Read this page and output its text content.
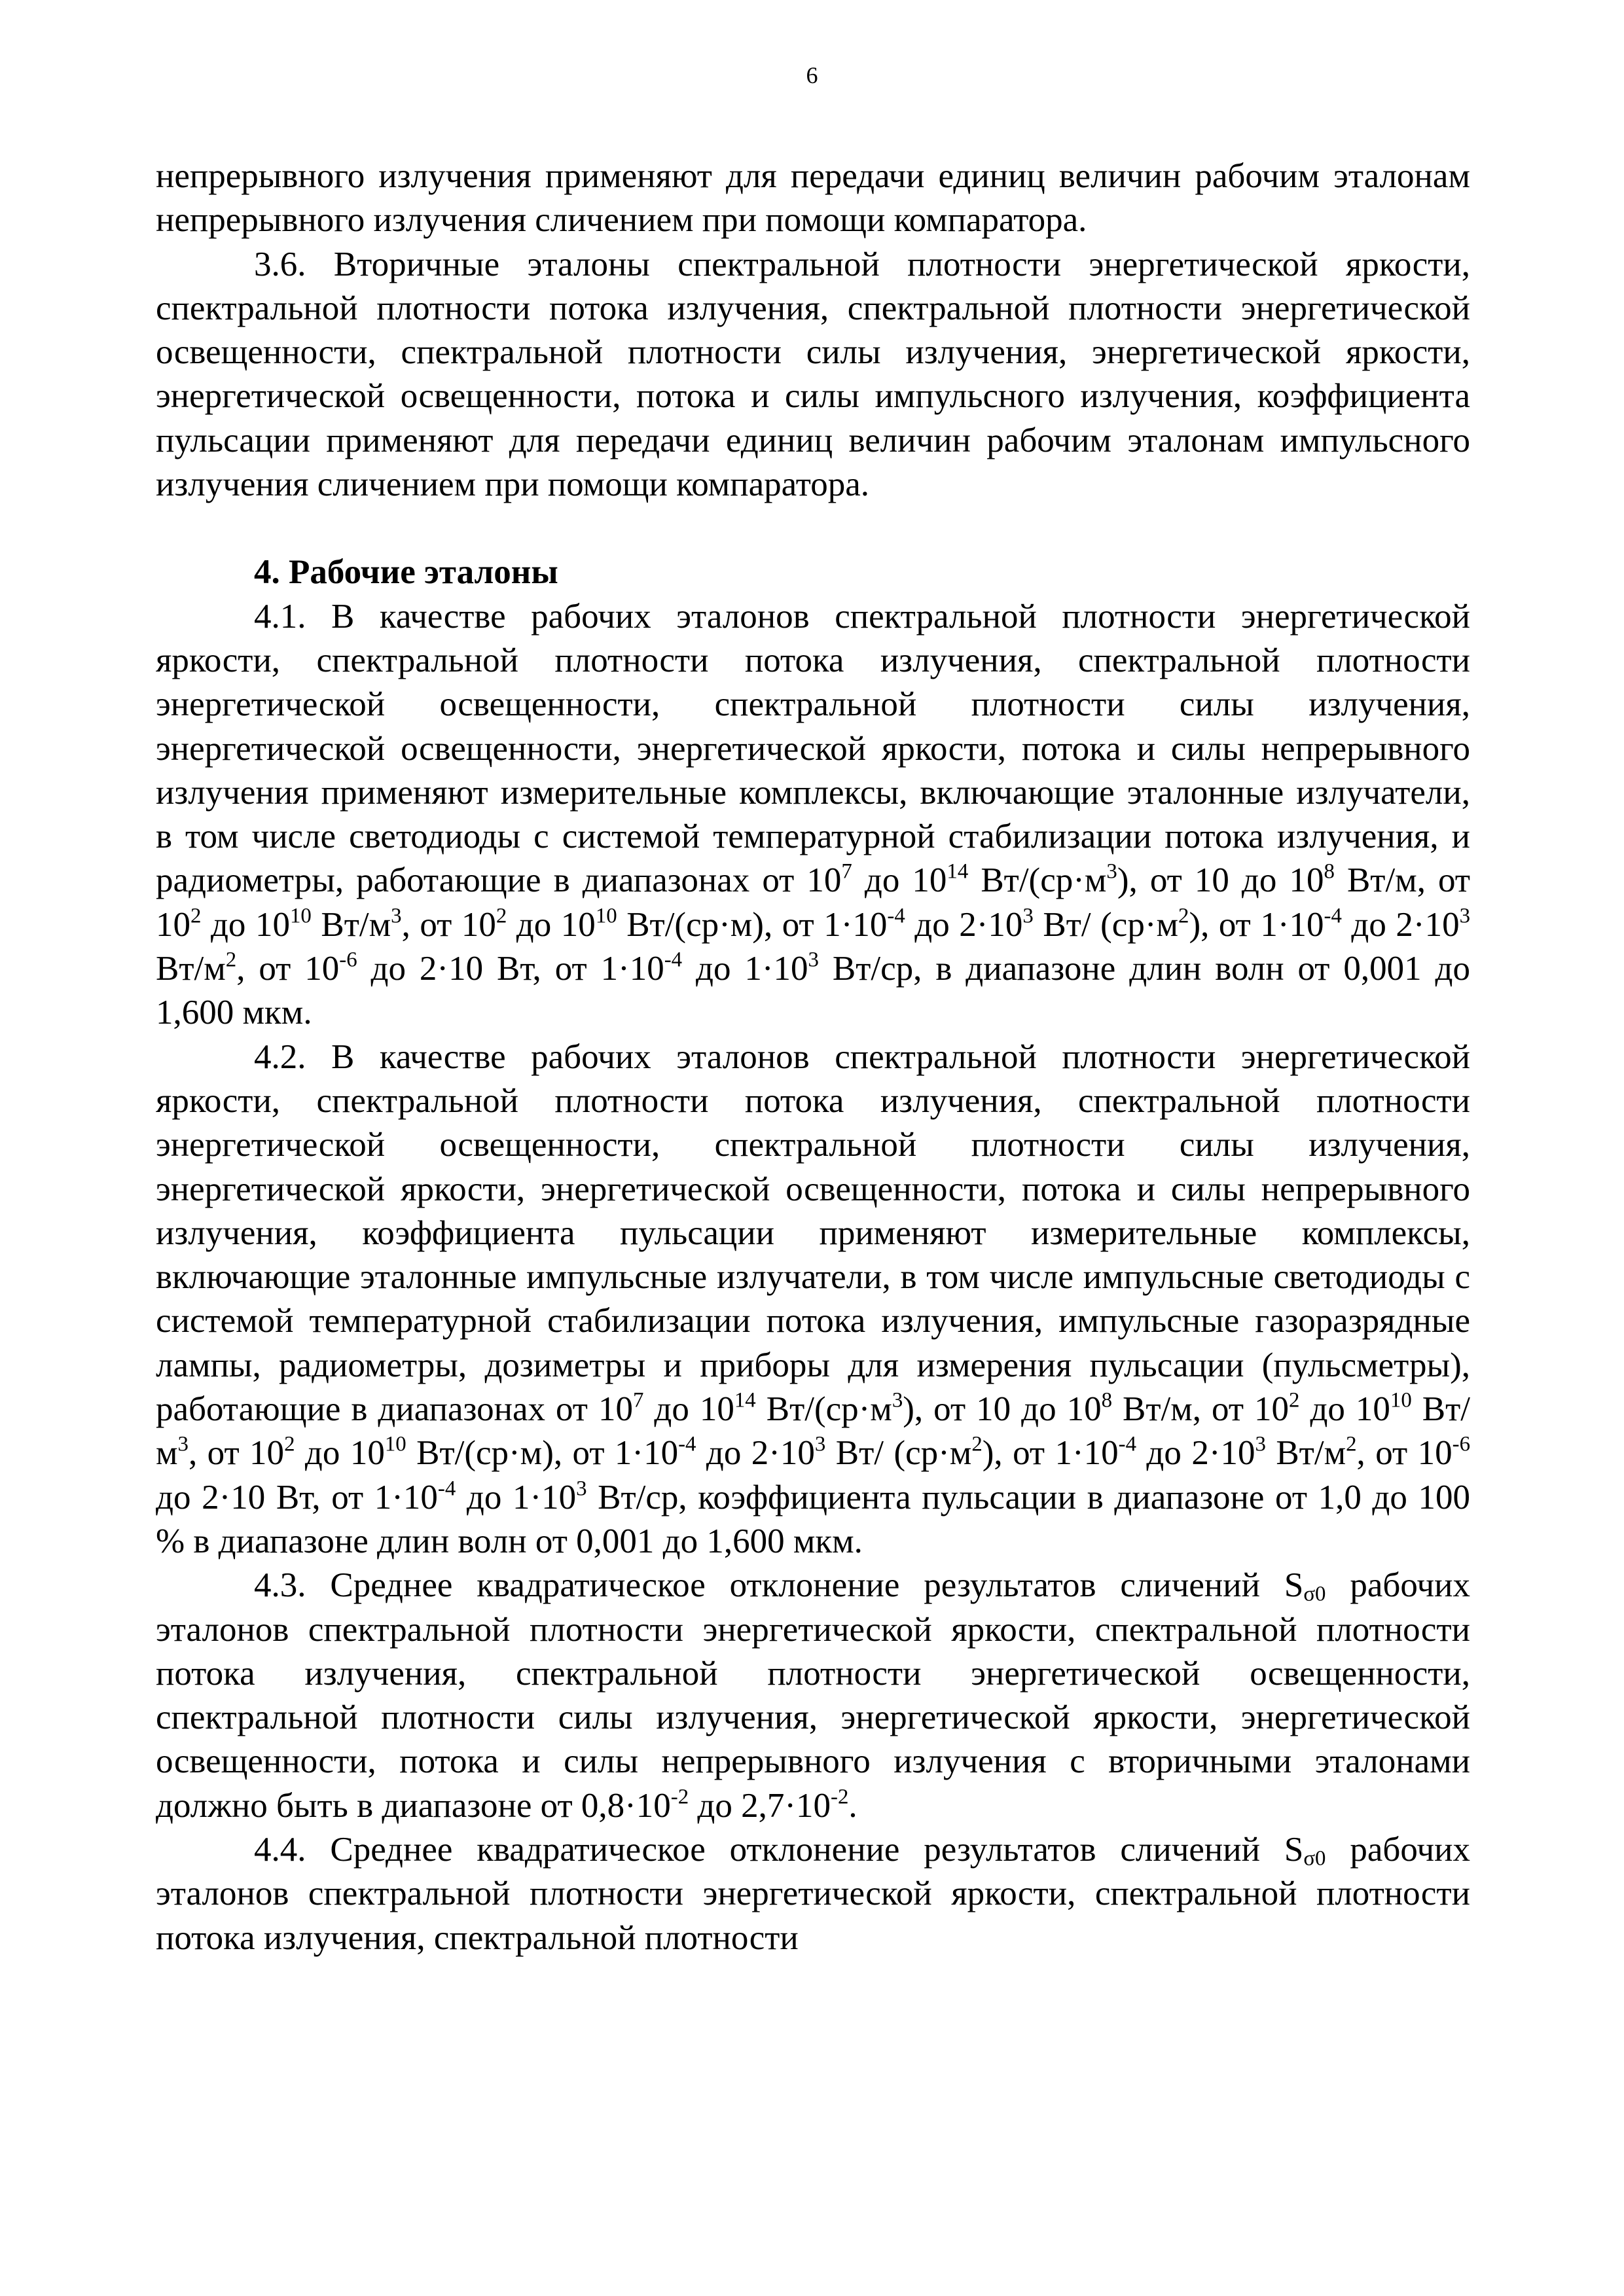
6

непрерывного излучения применяют для передачи единиц величин рабочим эталонам непрерывного излучения сличением при помощи компаратора.

3.6. Вторичные эталоны спектральной плотности энергетической яркости, спектральной плотности потока излучения, спектральной плотности энергетической освещенности, спектральной плотности силы излучения, энергетической яркости, энергетической освещенности, потока и силы импульсного излучения, коэффициента пульсации применяют для передачи единиц величин рабочим эталонам импульсного излучения сличением при помощи компаратора.

4. Рабочие эталоны

4.1. В качестве рабочих эталонов спектральной плотности энергетической яркости, спектральной плотности потока излучения, спектральной плотности энергетической освещенности, спектральной плотности силы излучения, энергетической освещенности, энергетической яркости, потока и силы непрерывного излучения применяют измерительные комплексы, включающие эталонные излучатели, в том числе светодиоды с системой температурной стабилизации потока излучения, и радиометры, работающие в диапазонах от $10^7$ до $10^{14}$ $Вт/(ср\cdot м^3)$, от 10 до $10^8$ Вт/м, от $10^2$ до $10^{10}$ $Вт/м^3$, от $10^2$ до $10^{10}$ Вт/(ср·м), от $1\cdot 10^{-4}$ до $2\cdot 10^3$ Вт/ $(ср\cdot м^2)$, от $1\cdot 10^{-4}$ до $2\cdot 10^3$ $Вт/м^2$, от $10^{-6}$ до 2·10 Вт, от $1\cdot 10^{-4}$ до $1\cdot 10^3$ Вт/ср, в диапазоне длин волн от 0,001 до 1,600 мкм.

4.2. В качестве рабочих эталонов спектральной плотности энергетической яркости, спектральной плотности потока излучения, спектральной плотности энергетической освещенности, спектральной плотности силы излучения, энергетической яркости, энергетической освещенности, потока и силы непрерывного излучения, коэффициента пульсации применяют измерительные комплексы, включающие эталонные импульсные излучатели, в том числе импульсные светодиоды с системой температурной стабилизации потока излучения, импульсные газоразрядные лампы, радиометры, дозиметры и приборы для измерения пульсации (пульсметры), работающие в диапазонах от $10^7$ до $10^{14}$ $Вт/(ср\cdot м^3)$, от 10 до $10^8$ Вт/м, от $10^2$ до $10^{10}$ $Вт/м^3$, от $10^2$ до $10^{10}$ Вт/(ср·м), от $1\cdot 10^{-4}$ до $2\cdot 10^3$ Вт/ $(ср\cdot м^2)$, от $1\cdot 10^{-4}$ до $2\cdot 10^3$ $Вт/м^2$, от $10^{-6}$ до 2·10 Вт, от $1\cdot 10^{-4}$ до $1\cdot 10^3$ Вт/ср, коэффициента пульсации в диапазоне от 1,0 до 100 % в диапазоне длин волн от 0,001 до 1,600 мкм.

4.3. Среднее квадратическое отклонение результатов сличений $S_{\sigma 0}$ рабочих эталонов спектральной плотности энергетической яркости, спектральной плотности потока излучения, спектральной плотности энергетической освещенности, спектральной плотности силы излучения, энергетической яркости, энергетической освещенности, потока и силы непрерывного излучения с вторичными эталонами должно быть в диапазоне от $0,8\cdot 10^{-2}$ до $2,7\cdot 10^{-2}$.

4.4. Среднее квадратическое отклонение результатов сличений $S_{\sigma 0}$ рабочих эталонов спектральной плотности энергетической яркости, спектральной плотности потока излучения, спектральной плотности
